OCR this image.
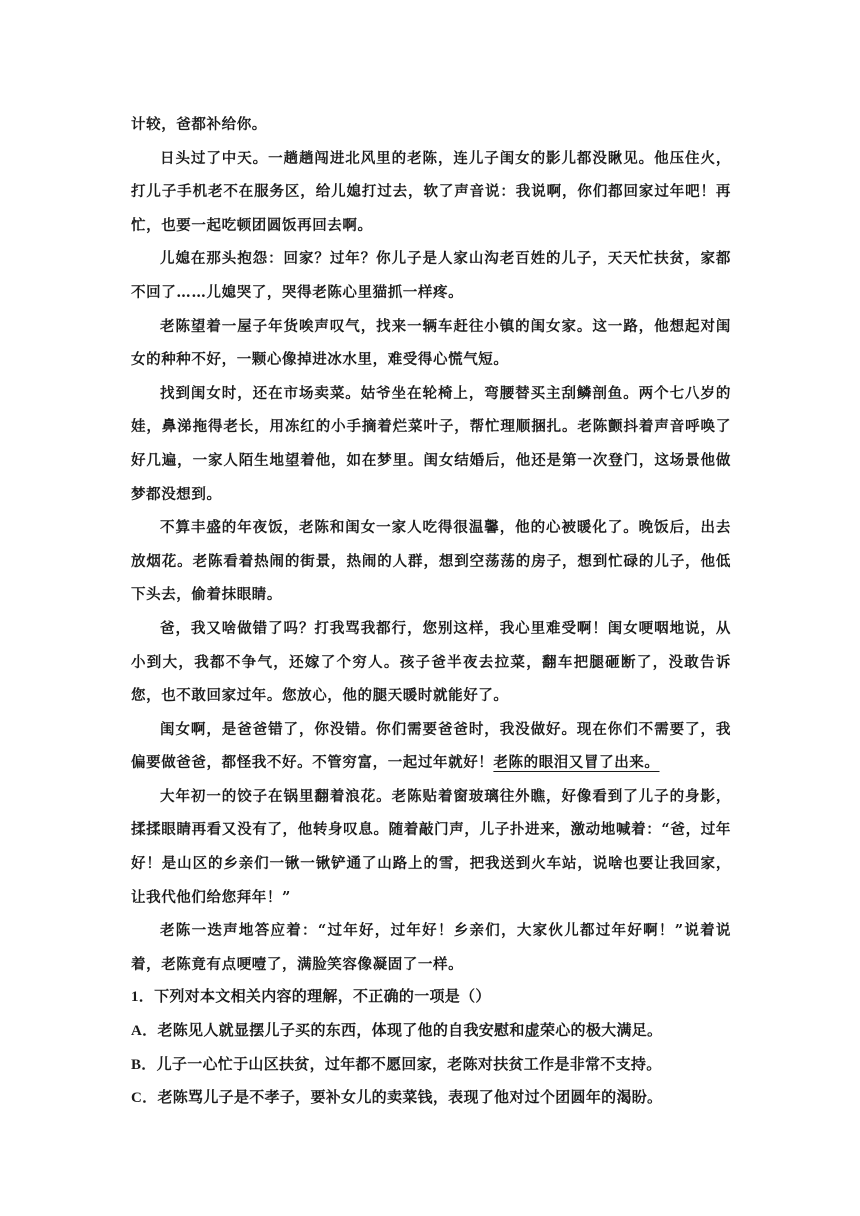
计较，爸都补给你。

日头过了中天。一趟趟闯进北风里的老陈，连儿子闺女的影儿都没瞅见。他压住火，打儿子手机老不在服务区，给儿媳打过去，软了声音说：我说啊，你们都回家过年吧！再忙，也要一起吃顿团圆饭再回去啊。

儿媳在那头抱怨：回家？过年？你儿子是人家山沟老百姓的儿子，天天忙扶贫，家都不回了……儿媳哭了，哭得老陈心里猫抓一样疼。

老陈望着一屋子年货唉声叹气，找来一辆车赶往小镇的闺女家。这一路，他想起对闺女的种种不好，一颗心像掉进冰水里，难受得心慌气短。

找到闺女时，还在市场卖菜。姑爷坐在轮椅上，弯腰替买主刮鳞剖鱼。两个七八岁的娃，鼻涕拖得老长，用冻红的小手摘着烂菜叶子，帮忙理顺捆扎。老陈颤抖着声音呼唤了好几遍，一家人陌生地望着他，如在梦里。闺女结婚后，他还是第一次登门，这场景他做梦都没想到。

不算丰盛的年夜饭，老陈和闺女一家人吃得很温馨，他的心被暖化了。晚饭后，出去放烟花。老陈看着热闹的街景，热闹的人群，想到空荡荡的房子，想到忙碌的儿子，他低下头去，偷着抹眼睛。

爸，我又啥做错了吗？打我骂我都行，您别这样，我心里难受啊！闺女哽咽地说，从小到大，我都不争气，还嫁了个穷人。孩子爸半夜去拉菜，翻车把腿砸断了，没敢告诉您，也不敢回家过年。您放心，他的腿天暖时就能好了。

闺女啊，是爸爸错了，你没错。你们需要爸爸时，我没做好。现在你们不需要了，我偏要做爸爸，都怪我不好。不管穷富，一起过年就好！老陈的眼泪又冒了出来。

大年初一的饺子在锅里翻着浪花。老陈贴着窗玻璃往外瞧，好像看到了儿子的身影，揉揉眼睛再看又没有了，他转身叹息。随着敲门声，儿子扑进来，激动地喊着：“爸，过年好！是山区的乡亲们一锹一锹铲通了山路上的雪，把我送到火车站，说啥也要让我回家，让我代他们给您拜年！”

老陈一迭声地答应着：“过年好，过年好！乡亲们，大家伙儿都过年好啊！”说着说着，老陈竟有点哽噎了，满脸笑容像凝固了一样。

1．下列对本文相关内容的理解，不正确的一项是（）

A．老陈见人就显摆儿子买的东西，体现了他的自我安慰和虚荣心的极大满足。

B．儿子一心忙于山区扶贫，过年都不愿回家，老陈对扶贫工作是非常不支持。

C．老陈骂儿子是不孝子，要补女儿的卖菜钱，表现了他对过个团圆年的渴盼。
